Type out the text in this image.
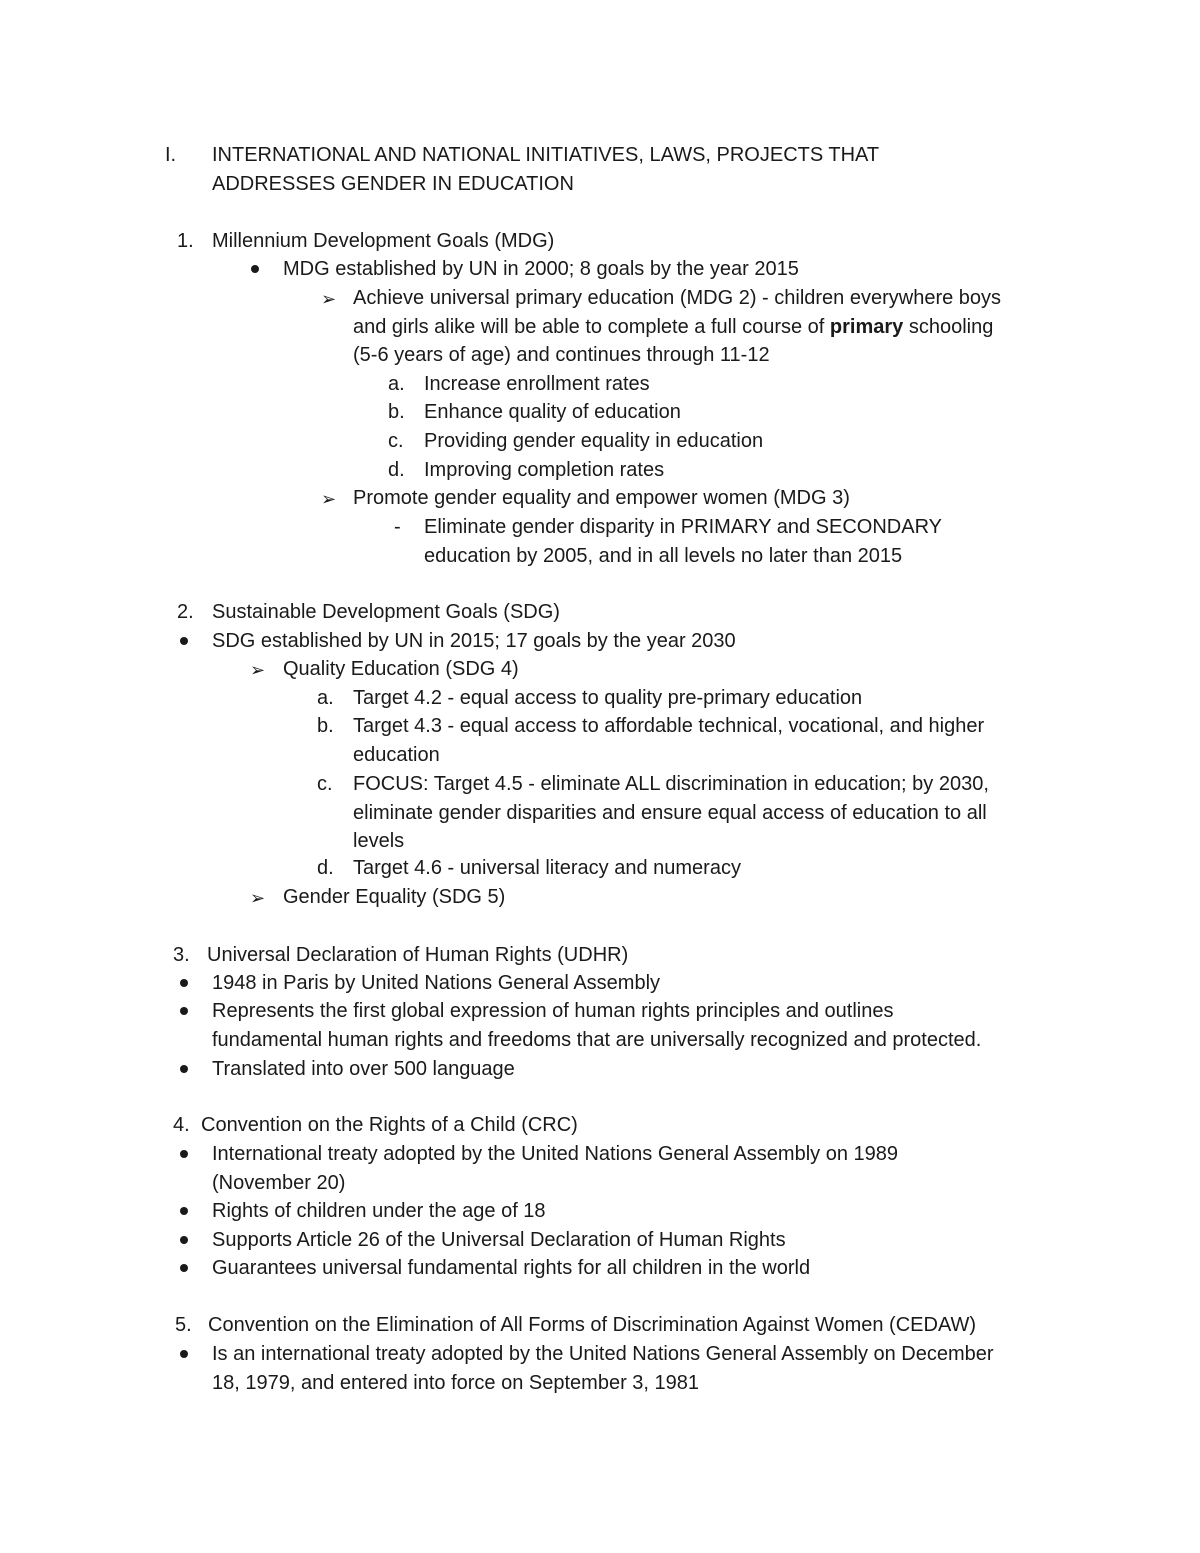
I. INTERNATIONAL AND NATIONAL INITIATIVES, LAWS, PROJECTS THAT
ADDRESSES GENDER IN EDUCATION
1. Millennium Development Goals (MDG)
MDG established by UN in 2000; 8 goals by the year 2015
➢ Achieve universal primary education (MDG 2) - children everywhere boys
and girls alike will be able to complete a full course of primary schooling
(5-6 years of age) and continues through 11-12
a. Increase enrollment rates
b. Enhance quality of education
c. Providing gender equality in education
d. Improving completion rates
➢ Promote gender equality and empower women (MDG 3)
- Eliminate gender disparity in PRIMARY and SECONDARY
education by 2005, and in all levels no later than 2015
2. Sustainable Development Goals (SDG)
SDG established by UN in 2015; 17 goals by the year 2030
➢ Quality Education (SDG 4)
a. Target 4.2 - equal access to quality pre-primary education
b. Target 4.3 - equal access to affordable technical, vocational, and higher
education
c. FOCUS: Target 4.5 - eliminate ALL discrimination in education; by 2030,
eliminate gender disparities and ensure equal access of education to all
levels
d. Target 4.6 - universal literacy and numeracy
➢ Gender Equality (SDG 5)
3. Universal Declaration of Human Rights (UDHR)
1948 in Paris by United Nations General Assembly
Represents the first global expression of human rights principles and outlines
fundamental human rights and freedoms that are universally recognized and protected.
Translated into over 500 language
4. Convention on the Rights of a Child (CRC)
International treaty adopted by the United Nations General Assembly on 1989
(November 20)
Rights of children under the age of 18
Supports Article 26 of the Universal Declaration of Human Rights
Guarantees universal fundamental rights for all children in the world
5. Convention on the Elimination of All Forms of Discrimination Against Women (CEDAW)
Is an international treaty adopted by the United Nations General Assembly on December
18, 1979, and entered into force on September 3, 1981
